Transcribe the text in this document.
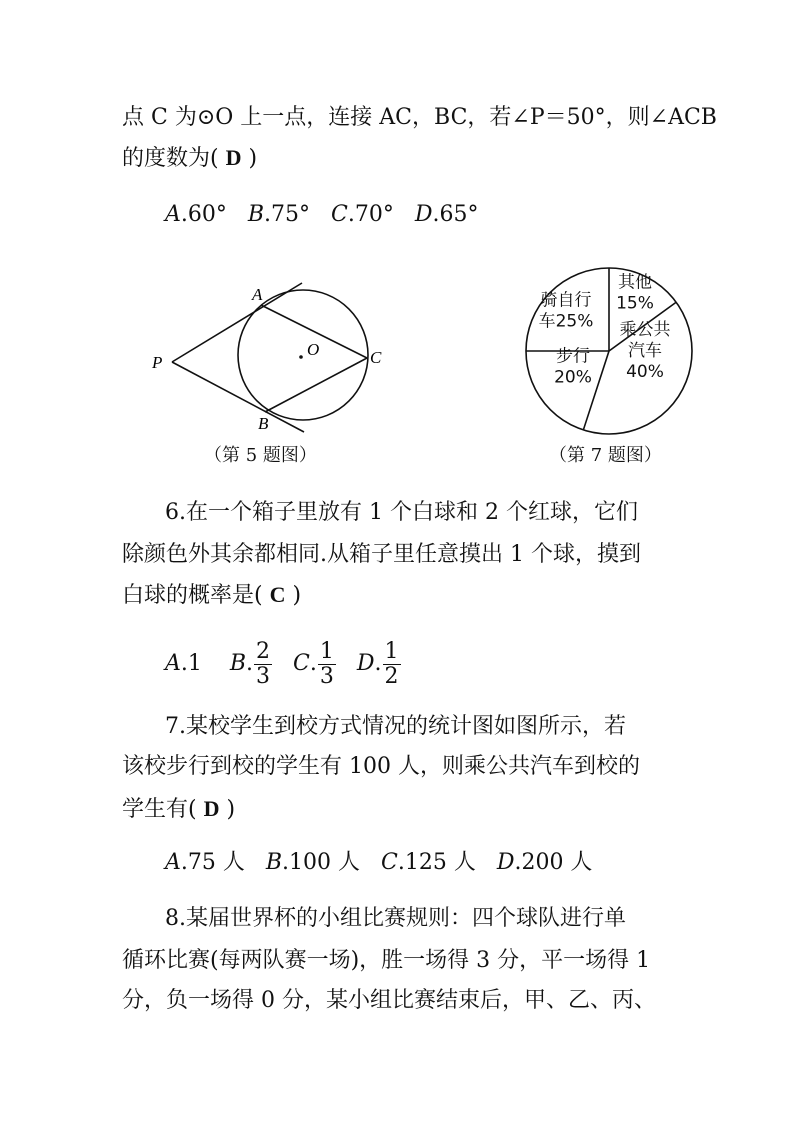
点 C 为⊙O 上一点，连接 AC，BC，若∠P＝50°，则∠ACB
的度数为( D )
A.60° B.75° C.70° D.65°
A
B
C
O
P
（第 5 题图）
其他 15%
乘公共汽车 40%
步行 20%
骑自行车25%
（第 7 题图）
6.在一个箱子里放有 1 个白球和 2 个红球，它们
除颜色外其余都相同.从箱子里任意摸出 1 个球，摸到
白球的概率是( C )
A.1 B. $\frac{2}{3} C$. $\frac{1}{3} D$. $\frac{1}{2}$
7.某校学生到校方式情况的统计图如图所示，若
该校步行到校的学生有 100 人，则乘公共汽车到校的
学生有( D )
A.75 人 B.100 人 C.125 人 D.200 人
8.某届世界杯的小组比赛规则：四个球队进行单
循环比赛(每两队赛一场)，胜一场得 3 分，平一场得 1
分，负一场得 0 分，某小组比赛结束后，甲、乙、丙、
